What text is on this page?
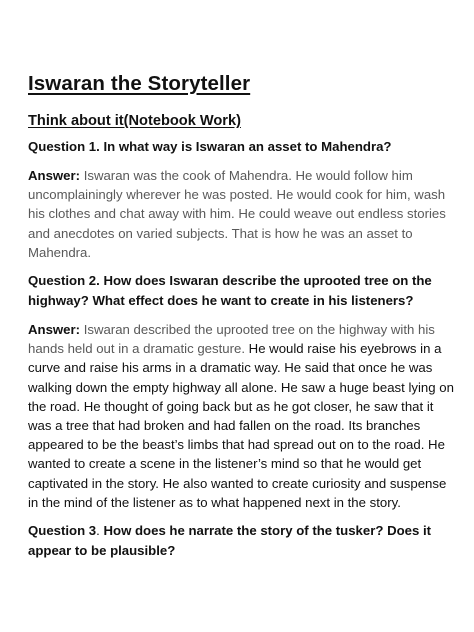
Iswaran the Storyteller
Think about it(Notebook Work)

Question 1. In what way is Iswaran an asset to Mahendra?

Answer: Iswaran was the cook of Mahendra. He would follow him uncomplainingly wherever he was posted. He would cook for him, wash his clothes and chat away with him. He could weave out endless stories and anecdotes on varied subjects. That is how he was an asset to Mahendra.

Question 2. How does Iswaran describe the uprooted tree on the highway? What effect does he want to create in his listeners?

Answer: Iswaran described the uprooted tree on the highway with his hands held out in a dramatic gesture. He would raise his eyebrows in a curve and raise his arms in a dramatic way. He said that once he was walking down the empty highway all alone. He saw a huge beast lying on the road. He thought of going back but as he got closer, he saw that it was a tree that had broken and had fallen on the road. Its branches appeared to be the beast’s limbs that had spread out on to the road. He wanted to create a scene in the listener’s mind so that he would get captivated in the story. He also wanted to create curiosity and suspense in the mind of the listener as to what happened next in the story.

Question 3. How does he narrate the story of the tusker? Does it appear to be plausible?
